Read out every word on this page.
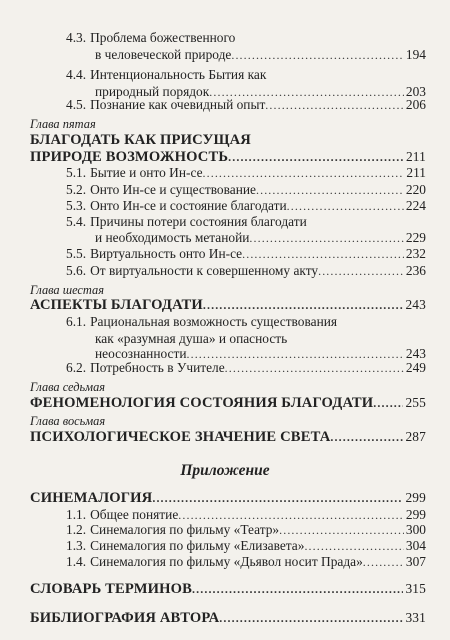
4.3. Проблема божественного
в человеческой природе .....	194
4.4. Интенциональность Бытия как
природный порядок .....	203
4.5. Познание как очевидный опыт .....	206
Глава пятая
БЛАГОДАТЬ КАК ПРИСУЩАЯ
ПРИРОДЕ ВОЗМОЖНОСТЬ .....	211
5.1. Бытие и онто Ин-се .....	211
5.2. Онто Ин-се и существование .....	220
5.3. Онто Ин-се и состояние благодати .....	224
5.4. Причины потери состояния благодати
и необходимость метанойи .....	229
5.5. Виртуальность онто Ин-се .....	232
5.6. От виртуальности к совершенному акту .....	236
Глава шестая
АСПЕКТЫ БЛАГОДАТИ .....	243
6.1. Рациональная возможность существования
как «разумная душа» и опасность
неосознанности .....	243
6.2. Потребность в Учителе .....	249
Глава седьмая
ФЕНОМЕНОЛОГИЯ СОСТОЯНИЯ БЛАГОДАТИ ..... 255
Глава восьмая
ПСИХОЛОГИЧЕСКОЕ ЗНАЧЕНИЕ СВЕТА .....	287
Приложение
СИНЕМАЛОГИЯ .....	299
1.1. Общее понятие .....	299
1.2. Синемалогия по фильму «Театр» .....	300
1.3. Синемалогия по фильму «Елизавета» .....	304
1.4. Синемалогия по фильму «Дьявол носит Прада» .....	307
СЛОВАРЬ ТЕРМИНОВ .....	315
БИБЛИОГРАФИЯ АВТОРА .....	331
